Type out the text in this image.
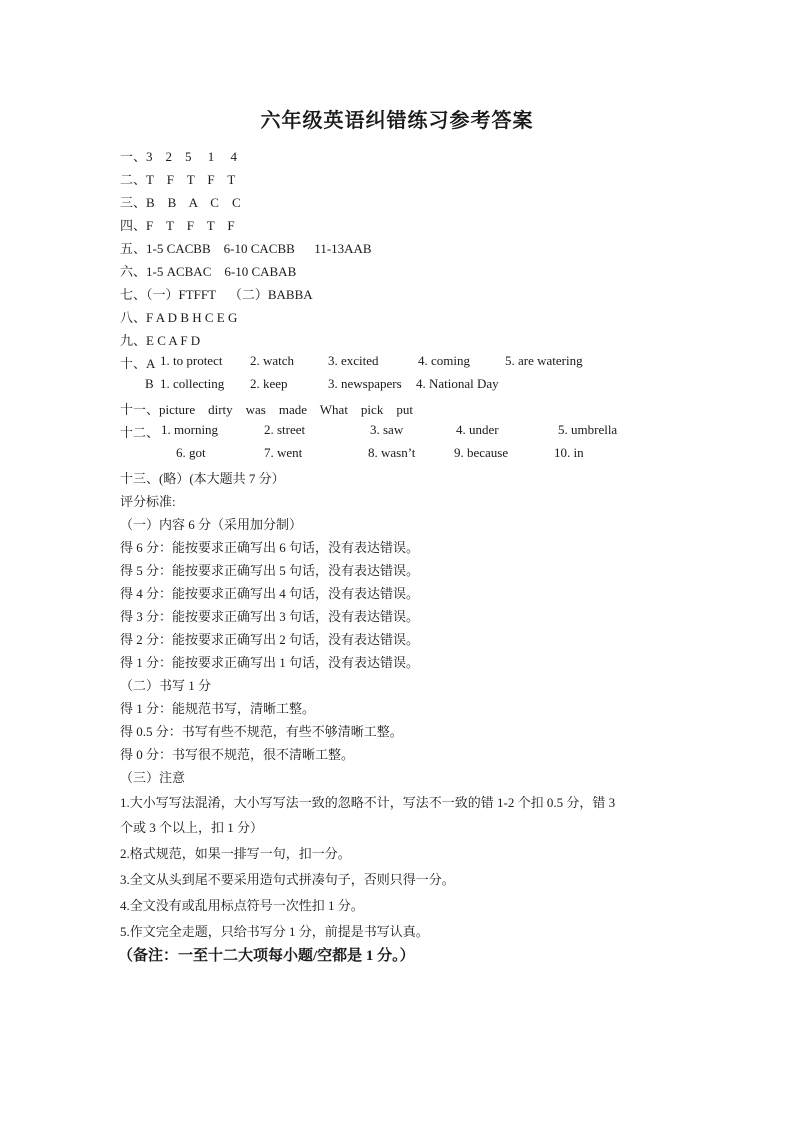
六年级英语纠错练习参考答案
一、3    2    5     1     4
二、T    F    T    F    T
三、B    B    A    C    C
四、F    T    F    T    F
五、1-5 CACBB    6-10 CACBB      11-13AAB
六、1-5 ACBAC    6-10 CABAB
七、（一）FTFFT    （二）BABBA
八、F A D B H C E G
九、E C A F D
十、A 1. to protect 2. watch	3. excited	4. coming	5. are watering
B 1. collecting 2. keep	3. newspapers 4. National Day
十一、picture    dirty    was    made    What    pick    put
十二、 1. morning	2. street	3. saw	4. under	5. umbrella
6. got	7. went	8. wasn’t	9. because	10. in
十三、(略）(本大题共 7 分）
评分标准:
（一）内容 6 分（采用加分制）
得 6 分：能按要求正确写出 6 句话，没有表达错误。
得 5 分：能按要求正确写出 5 句话，没有表达错误。
得 4 分：能按要求正确写出 4 句话，没有表达错误。
得 3 分：能按要求正确写出 3 句话，没有表达错误。
得 2 分：能按要求正确写出 2 句话，没有表达错误。
得 1 分：能按要求正确写出 1 句话，没有表达错误。
（二）书写 1 分
得 1 分：能规范书写，清晰工整。
得 0.5 分：书写有些不规范，有些不够清晰工整。
得 0 分：书写很不规范，很不清晰工整。
（三）注意
1.大小写写法混淆，大小写写法一致的忽略不计，写法不一致的错 1-2 个扣 0.5 分，错 3
个或 3 个以上，扣 1 分）
2.格式规范，如果一排写一句，扣一分。
3.全文从头到尾不要采用造句式拼凑句子，否则只得一分。
4.全文没有或乱用标点符号一次性扣 1 分。
5.作文完全走题，只给书写分 1 分，前提是书写认真。
（备注：一至十二大项每小题/空都是 1 分。）
